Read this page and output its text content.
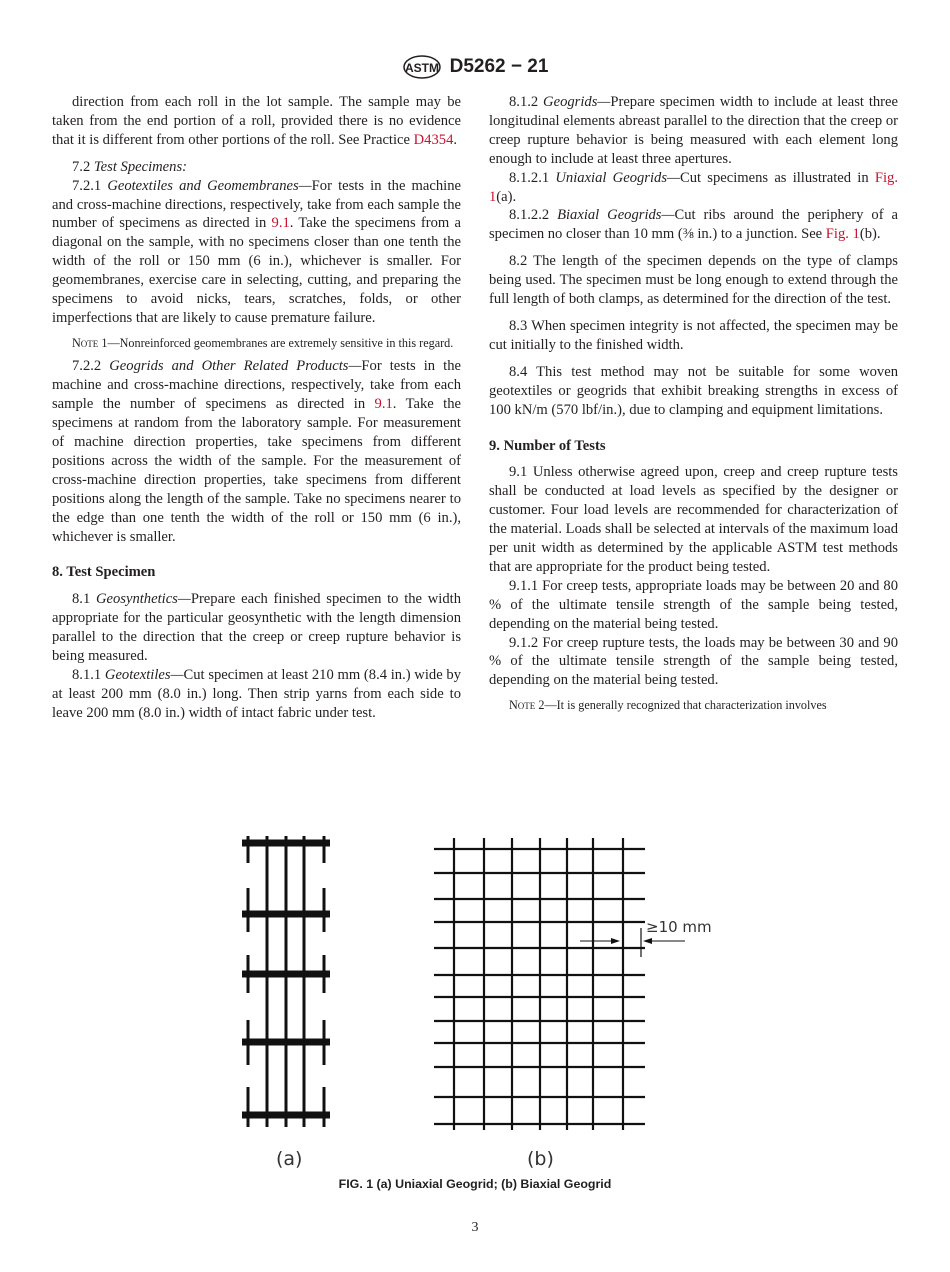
ASTM D5262 − 21

direction from each roll in the lot sample. The sample may be taken from the end portion of a roll, provided there is no evidence that it is different from other portions of the roll. See Practice D4354.

7.2 Test Specimens:

7.2.1 Geotextiles and Geomembranes—For tests in the machine and cross-machine directions, respectively, take from each sample the number of specimens as directed in 9.1. Take the specimens from a diagonal on the sample, with no specimens closer than one tenth the width of the roll or 150 mm (6 in.), whichever is smaller. For geomembranes, exercise care in selecting, cutting, and preparing the specimens to avoid nicks, tears, scratches, folds, or other imperfections that are likely to cause premature failure.

Note 1—Nonreinforced geomembranes are extremely sensitive in this regard.

7.2.2 Geogrids and Other Related Products—For tests in the machine and cross-machine directions, respectively, take from each sample the number of specimens as directed in 9.1. Take the specimens at random from the laboratory sample. For measurement of machine direction properties, take specimens from different positions across the width of the sample. For the measurement of cross-machine direction properties, take specimens from different positions along the length of the sample. Take no specimens nearer to the edge than one tenth the width of the roll or 150 mm (6 in.), whichever is smaller.

8. Test Specimen

8.1 Geosynthetics—Prepare each finished specimen to the width appropriate for the particular geosynthetic with the length dimension parallel to the direction that the creep or creep rupture behavior is being measured.

8.1.1 Geotextiles—Cut specimen at least 210 mm (8.4 in.) wide by at least 200 mm (8.0 in.) long. Then strip yarns from each side to leave 200 mm (8.0 in.) width of intact fabric under test.

8.1.2 Geogrids—Prepare specimen width to include at least three longitudinal elements abreast parallel to the direction that the creep or creep rupture behavior is being measured with each element long enough to include at least three apertures.

8.1.2.1 Uniaxial Geogrids—Cut specimens as illustrated in Fig. 1(a).

8.1.2.2 Biaxial Geogrids—Cut ribs around the periphery of a specimen no closer than 10 mm (⅜ in.) to a junction. See Fig. 1(b).

8.2 The length of the specimen depends on the type of clamps being used. The specimen must be long enough to extend through the full length of both clamps, as determined for the direction of the test.

8.3 When specimen integrity is not affected, the specimen may be cut initially to the finished width.

8.4 This test method may not be suitable for some woven geotextiles or geogrids that exhibit breaking strengths in excess of 100 kN/m (570 lbf/in.), due to clamping and equipment limitations.

9. Number of Tests

9.1 Unless otherwise agreed upon, creep and creep rupture tests shall be conducted at load levels as specified by the designer or customer. Four load levels are recommended for characterization of the material. Loads shall be selected at intervals of the maximum load per unit width as determined by the applicable ASTM test methods that are appropriate for the product being tested.

9.1.1 For creep tests, appropriate loads may be between 20 and 80 % of the ultimate tensile strength of the sample being tested, depending on the material being tested.

9.1.2 For creep rupture tests, the loads may be between 30 and 90 % of the ultimate tensile strength of the sample being tested, depending on the material being tested.

Note 2—It is generally recognized that characterization involves

≥10 mm
(a)	(b)
FIG. 1 (a) Uniaxial Geogrid; (b) Biaxial Geogrid
3
